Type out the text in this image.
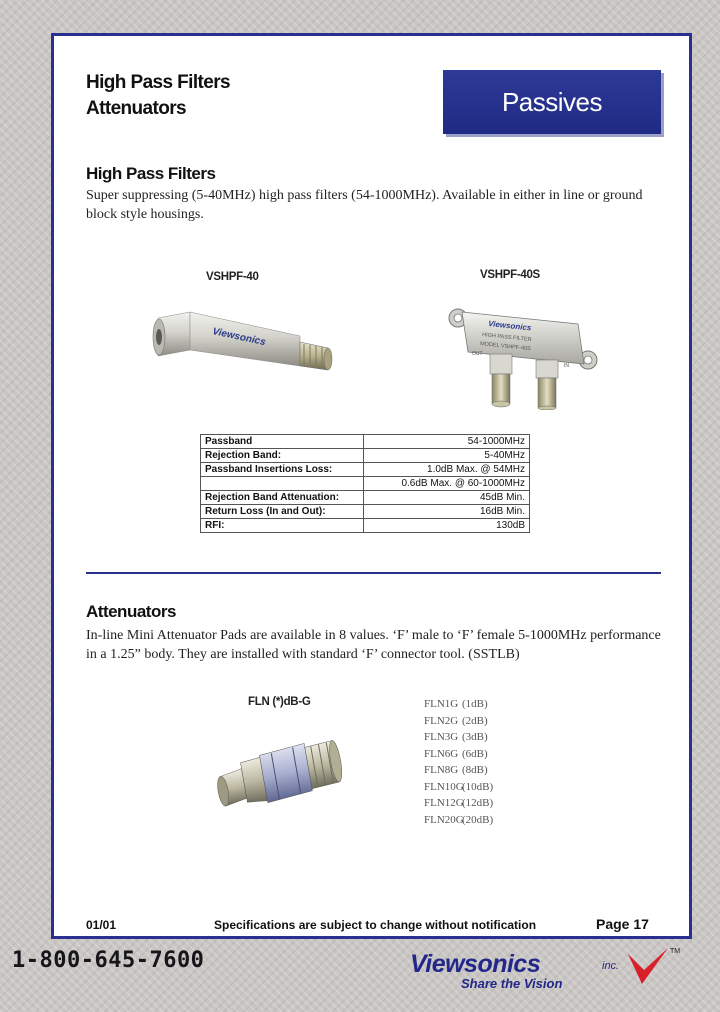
High Pass Filters
Attenuators	Passives
High Pass Filters
Super suppressing (5-40MHz) high pass filters (54-1000MHz). Available in either in line or ground block style housings.
VSHPF-40	VSHPF-40S
Viewsonics
Viewsonics
HIGH PASS FILTER
MODEL VSHPF-40S
OUT
IN
Passband	54-1000MHz
Rejection Band:	5-40MHz
Passband Insertions Loss:	1.0dB Max. @ 54MHz
	0.6dB Max. @ 60-1000MHz
Rejection Band Attenuation:	45dB Min.
Return Loss (In and Out):	16dB Min.
RFI:	130dB
Attenuators
In-line Mini Attenuator Pads are available in 8 values. ‘F’ male to ‘F’ female 5-1000MHz performance in a 1.25” body. They are installed with standard ‘F’ connector tool. (SSTLB)
FLN (*)dB-G	FLN1G (1dB)
FLN2G (2dB)
FLN3G (3dB)
FLN6G (6dB)
FLN8G (8dB)
FLN10G
(10dB)
FLN12G
(12dB)
FLN20G
(20dB)
01/01	Specifications are subject to change without notification	Page 17
1-800-645-7600	Viewsonics	inc.
TM
Share the Vision
